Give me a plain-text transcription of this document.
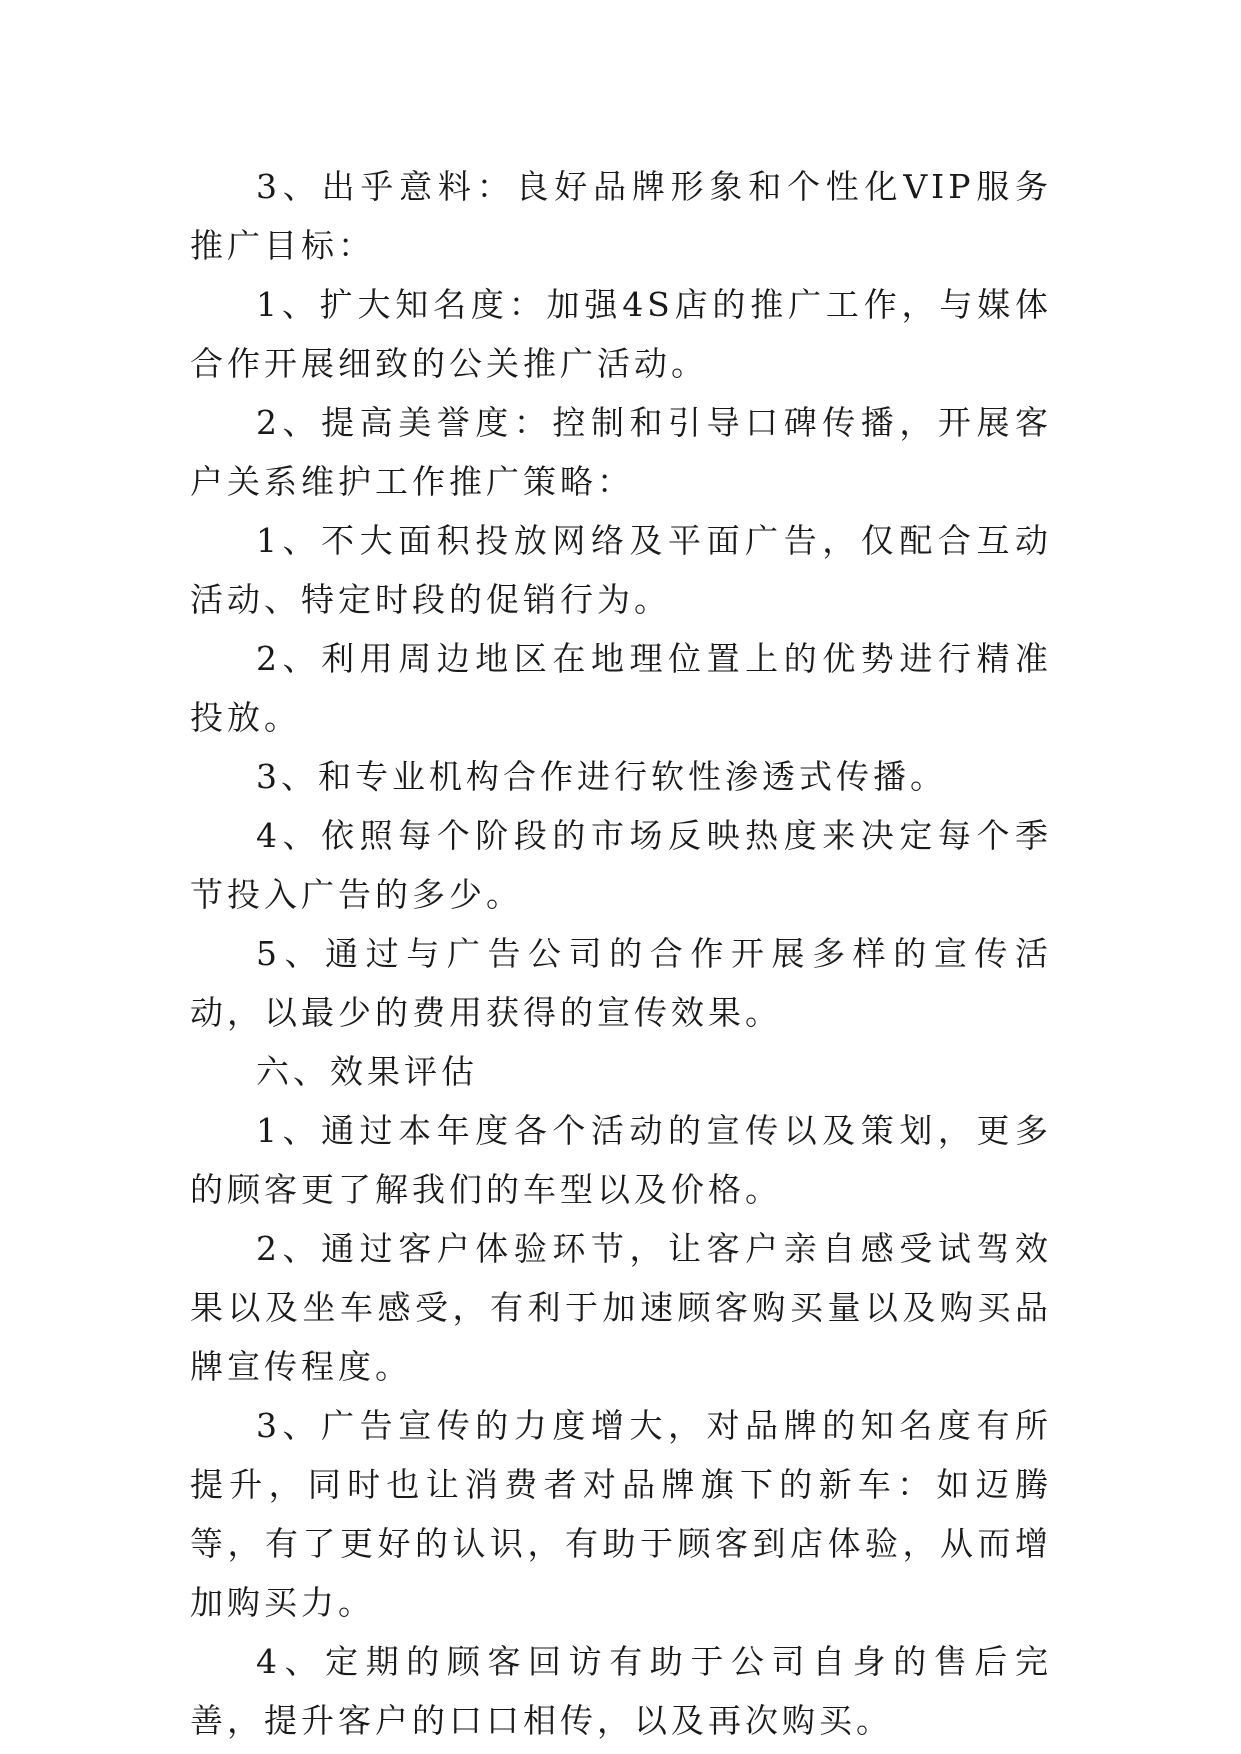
3、出乎意料：良好品牌形象和个性化VIP服务推广目标：

1、扩大知名度：加强4S店的推广工作，与媒体合作开展细致的公关推广活动。

2、提高美誉度：控制和引导口碑传播，开展客户关系维护工作推广策略：

1、不大面积投放网络及平面广告，仅配合互动活动、特定时段的促销行为。

2、利用周边地区在地理位置上的优势进行精准投放。

3、和专业机构合作进行软性渗透式传播。

4、依照每个阶段的市场反映热度来决定每个季节投入广告的多少。

5、通过与广告公司的合作开展多样的宣传活动，以最少的费用获得的宣传效果。

六、效果评估

1、通过本年度各个活动的宣传以及策划，更多的顾客更了解我们的车型以及价格。

2、通过客户体验环节，让客户亲自感受试驾效果以及坐车感受，有利于加速顾客购买量以及购买品牌宣传程度。

3、广告宣传的力度增大，对品牌的知名度有所提升，同时也让消费者对品牌旗下的新车：如迈腾等，有了更好的认识，有助于顾客到店体验，从而增加购买力。

4、定期的顾客回访有助于公司自身的售后完善，提升客户的口口相传，以及再次购买。
